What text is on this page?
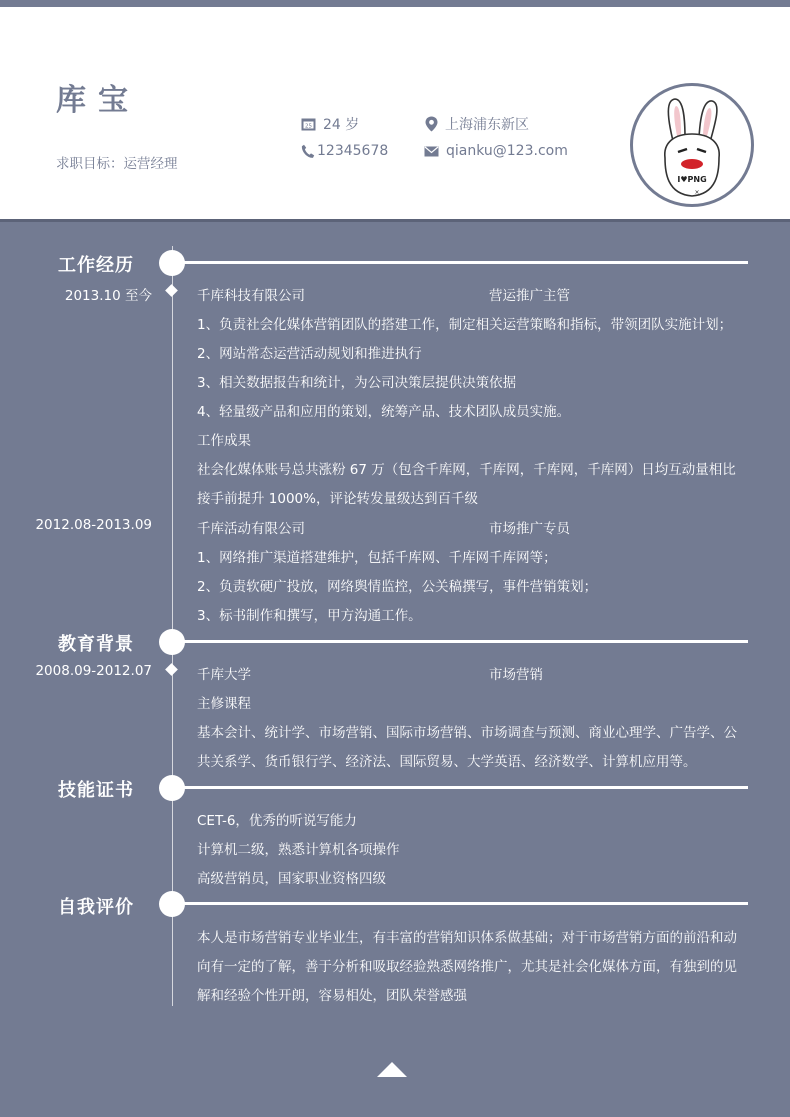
库宝
求职目标：运营经理
25 24 岁	上海浦东新区
12345678	qianku@123.com
I♥PNG
×
工作经历
2013.10 至今	千库科技有限公司	营运推广主管
1、负责社会化媒体营销团队的搭建工作，制定相关运营策略和指标，带领团队实施计划；
2、网站常态运营活动规划和推进执行
3、相关数据报告和统计，为公司决策层提供决策依据
4、轻量级产品和应用的策划，统筹产品、技术团队成员实施。
工作成果
社会化媒体账号总共涨粉 67 万（包含千库网，千库网，千库网，千库网）日均互动量相比
接手前提升 1000%，评论转发量级达到百千级
2012.08-2013.09	千库活动有限公司	市场推广专员
1、网络推广渠道搭建维护，包括千库网、千库网千库网等；
2、负责软硬广投放，网络舆情监控，公关稿撰写，事件营销策划；
3、标书制作和撰写，甲方沟通工作。
教育背景
2008.09-2012.07	千库大学	市场营销
主修课程
基本会计、统计学、市场营销、国际市场营销、市场调查与预测、商业心理学、广告学、公
共关系学、货币银行学、经济法、国际贸易、大学英语、经济数学、计算机应用等。
技能证书
CET-6，优秀的听说写能力
计算机二级，熟悉计算机各项操作
高级营销员，国家职业资格四级
自我评价
本人是市场营销专业毕业生，有丰富的营销知识体系做基础；对于市场营销方面的前沿和动
向有一定的了解，善于分析和吸取经验熟悉网络推广，尤其是社会化媒体方面，有独到的见
解和经验个性开朗，容易相处，团队荣誉感强
